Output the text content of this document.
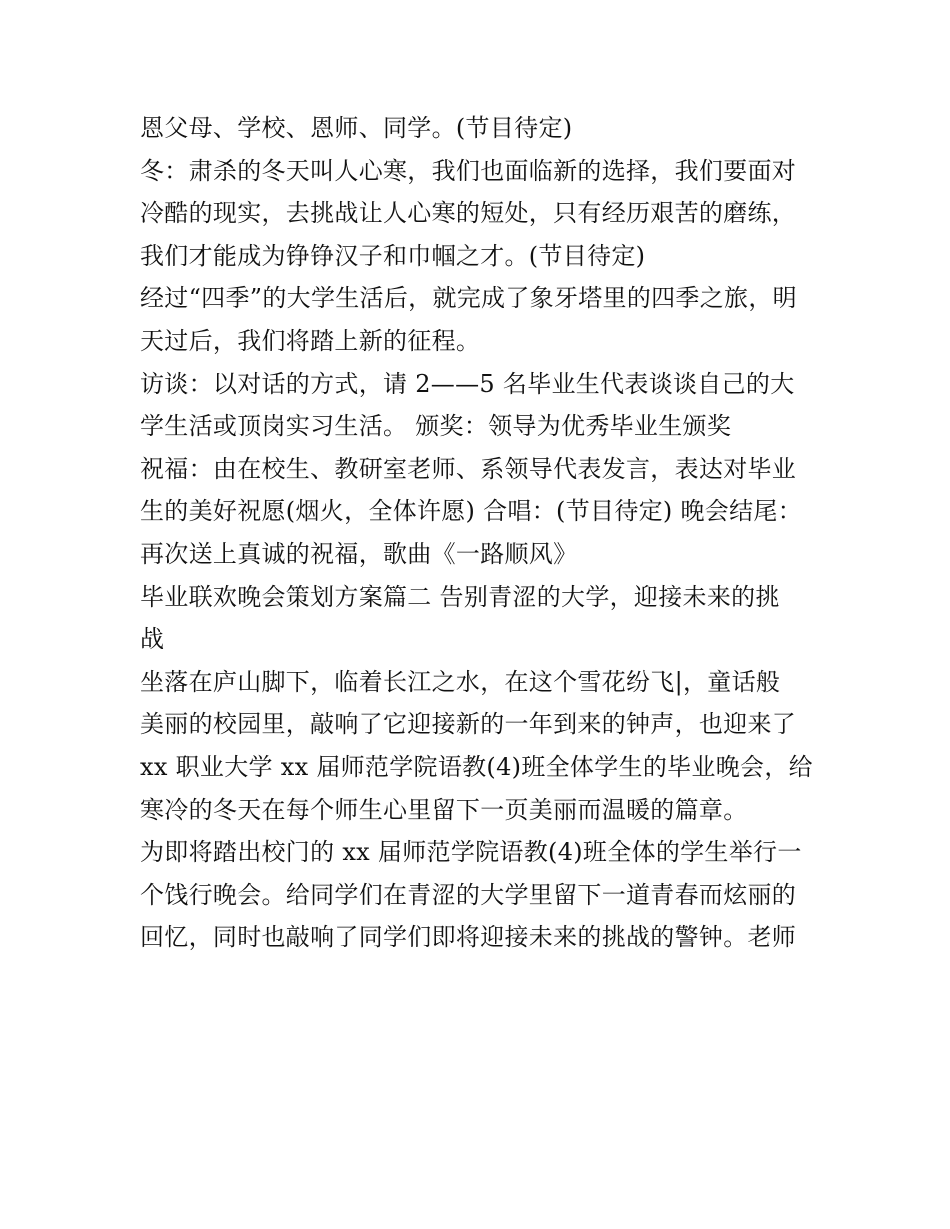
恩父母、学校、恩师、同学。(节目待定)
冬：肃杀的冬天叫人心寒，我们也面临新的选择，我们要面对
冷酷的现实，去挑战让人心寒的短处，只有经历艰苦的磨练，
我们才能成为铮铮汉子和巾帼之才。(节目待定)
经过“四季”的大学生活后，就完成了象牙塔里的四季之旅，明
天过后，我们将踏上新的征程。
访谈：以对话的方式，请 2——5 名毕业生代表谈谈自己的大
学生活或顶岗实习生活。 颁奖：领导为优秀毕业生颁奖
祝福：由在校生、教研室老师、系领导代表发言，表达对毕业
生的美好祝愿(烟火，全体许愿) 合唱：(节目待定) 晚会结尾：
再次送上真诚的祝福，歌曲《一路顺风》
毕业联欢晚会策划方案篇二 告别青涩的大学，迎接未来的挑
战
坐落在庐山脚下，临着长江之水，在这个雪花纷飞|，童话般
美丽的校园里，敲响了它迎接新的一年到来的钟声，也迎来了
xx 职业大学 xx 届师范学院语教(4)班全体学生的毕业晚会，给
寒冷的冬天在每个师生心里留下一页美丽而温暖的篇章。
为即将踏出校门的 xx 届师范学院语教(4)班全体的学生举行一
个饯行晚会。给同学们在青涩的大学里留下一道青春而炫丽的
回忆，同时也敲响了同学们即将迎接未来的挑战的警钟。老师
